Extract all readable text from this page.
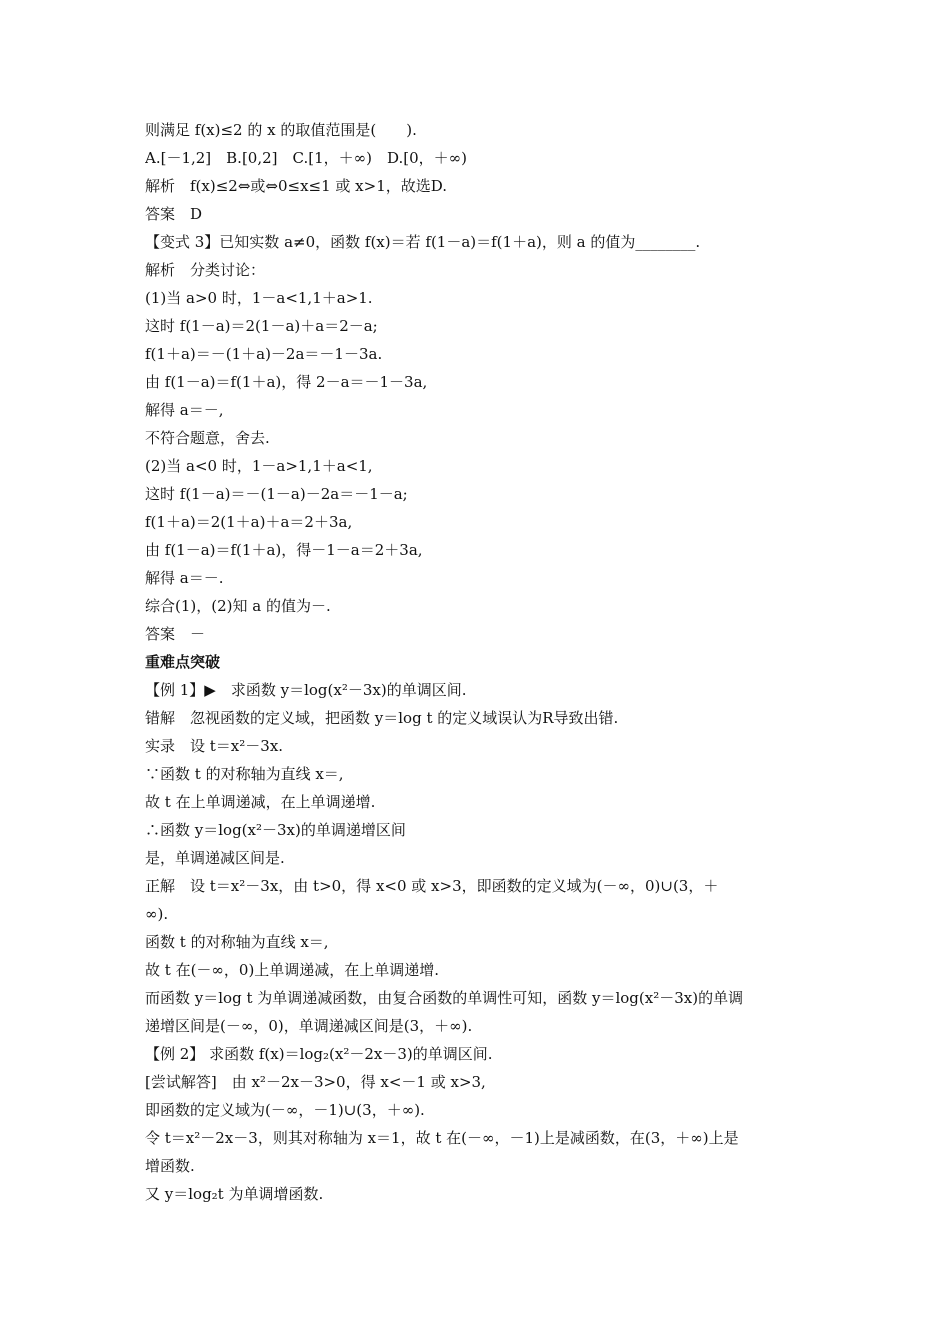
则满足 f(x)≤2 的 x 的取值范围是(　　).
A.[－1,2]　B.[0,2]　C.[1，＋∞)　D.[0，＋∞)
解析　f(x)≤2⇔或⇔0≤x≤1 或 x>1，故选D.
答案　D
【变式 3】已知实数 a≠0，函数 f(x)＝若 f(1－a)＝f(1＋a)，则 a 的值为________.
解析　分类讨论：
(1)当 a>0 时，1－a<1,1＋a>1.
这时 f(1－a)＝2(1－a)＋a＝2－a;
f(1＋a)＝－(1＋a)－2a＝－1－3a.
由 f(1－a)＝f(1＋a)，得 2－a＝－1－3a,
解得 a＝－,
不符合题意，舍去.
(2)当 a<0 时，1－a>1,1＋a<1,
这时 f(1－a)＝－(1－a)－2a＝－1－a;
f(1＋a)＝2(1＋a)＋a＝2＋3a,
由 f(1－a)＝f(1＋a)，得－1－a＝2＋3a,
解得 a＝－.
综合(1)，(2)知 a 的值为－.
答案　－
重难点突破
【例 1】▶　求函数 y＝log(x²－3x)的单调区间.
错解　忽视函数的定义域，把函数 y＝log t 的定义域误认为R导致出错.
实录　设 t＝x²－3x.
∵函数 t 的对称轴为直线 x＝,
故 t 在上单调递减，在上单调递增.
∴函数 y＝log(x²－3x)的单调递增区间
是，单调递减区间是.
正解　设 t＝x²－3x，由 t>0，得 x<0 或 x>3，即函数的定义域为(－∞，0)∪(3，＋
∞).
函数 t 的对称轴为直线 x＝,
故 t 在(－∞，0)上单调递减，在上单调递增.
而函数 y＝log t 为单调递减函数，由复合函数的单调性可知，函数 y＝log(x²－3x)的单调
递增区间是(－∞，0)，单调递减区间是(3，＋∞).
【例 2】 求函数 f(x)＝log₂(x²－2x－3)的单调区间.
[尝试解答]　由 x²－2x－3>0，得 x<－1 或 x>3,
即函数的定义域为(－∞，－1)∪(3，＋∞).
令 t＝x²－2x－3，则其对称轴为 x＝1，故 t 在(－∞，－1)上是减函数，在(3，＋∞)上是
增函数.
又 y＝log₂t 为单调增函数.
